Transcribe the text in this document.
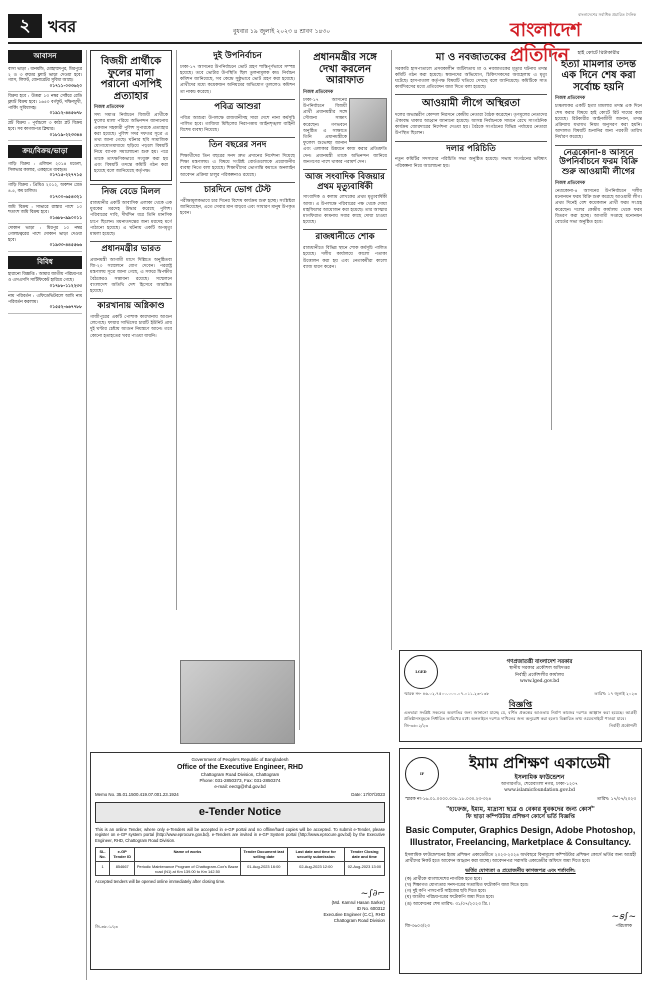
২	খবর	বুধবার ১৯ জুলাই ২০২৩ ৪ শ্রাবণ ১৪৩০
বাংলাদেশের সর্বাধিক প্রচারিত দৈনিক
বাংলাদেশ প্রতিদিন
আবাসন
বাসা ভাড়া : ধানমন্ডি, মোহাম্মদপুর, মিরপুরে ২ ও ৩ রুমের ফ্ল্যাট ভাড়া দেওয়া হবে। গ্যাস, লিফট, জেনারেটর সুবিধা আছে।
০১৭১১-০৩৩৬২০
বিক্রয় হবে : উত্তরা ১৩ নম্বর সেক্টরে রেডি ফ্ল্যাট বিক্রয় হবে। ১৬৫০ বর্গফুট, দক্ষিণমুখী, পার্কিং সুবিধাসহ।
০১৯১২-৪৪৫৬৭৮
প্লট বিক্রয় : পূর্বাচলে ৩ কাঠা প্লট বিক্রয় হবে। সব কাগজপত্র ক্লিয়ার।
০১৮১৯-২২৩৩৪৪
ক্রয়/বিক্রয়/ভাড়া
গাড়ি বিক্রয় : এলিয়ন ২০১৪ মডেল, সিলভার কালার, একহাতে ব্যবহৃত।
০১৭১৫-২২৭৭১৫
গাড়ি বিক্রয় : প্রিমিও ২০১২, অকশন গ্রেড ৪.৫, কম চালিত।
০১৭০০-৬৫৪৩২১
জমি বিক্রয় : সাভারে রাস্তার পাশে ১০ শতাংশ জমি বিক্রয় হবে।
০১৬৮৮-৯৯০০১১
দোকান ভাড়া : মিরপুর ১০ নম্বর গোলচত্বরের পাশে দোকান ভাড়া দেওয়া হবে।
০১৯৩৩-৪৪৫৫৬৬
বিবিধ
হারানো বিজ্ঞপ্তি : আমার জাতীয় পরিচয়পত্র ও এসএসসি সার্টিফিকেট হারিয়ে গেছে।
০১৭৮৮-১১২২৩৩
নাম পরিবর্তন : এফিডেভিটবলে আমি নাম পরিবর্তন করলাম।
০১৫৫২-৬৬৭৭৮৮
বিজয়ী প্রার্থীকে ফুলের মালা পরানো এসপিই প্রত্যাহার

নিজস্ব প্রতিবেদক

সদ্য সমাপ্ত নির্বাচনে বিজয়ী প্রার্থীকে ফুলের মালা পরিয়ে অভিনন্দন জানানোয় একজন সহকারী পুলিশ সুপারকে প্রত্যাহার করা হয়েছে। পুলিশ সদর দফতর সূত্রে এ তথ্য জানা গেছে। ঘটনার ছবি সামাজিক যোগাযোগমাধ্যমে ছড়িয়ে পড়লে বিষয়টি নিয়ে ব্যাপক সমালোচনা শুরু হয়। পরে তাকে তাৎক্ষণিকভাবে সংযুক্ত করা হয় এবং বিষয়টি তদন্তে কমিটি গঠন করা হয়েছে বলে জানিয়েছে কর্তৃপক্ষ।

নিজ বেডে মিলল

রাজধানীর একটি আবাসিক এলাকা থেকে এক যুবকের মরদেহ উদ্ধার করেছে পুলিশ। পরিবারের দাবি, দীর্ঘদিন ধরে তিনি মানসিক চাপে ছিলেন। ময়নাতদন্তের জন্য মরদেহ মর্গে পাঠানো হয়েছে। এ ঘটনায় একটি অপমৃত্যু মামলা হয়েছে।

প্রধানমন্ত্রীর ভারত

প্রধানমন্ত্রী আগামী মাসে দিল্লিতে অনুষ্ঠিতব্য জি-২০ সম্মেলনে যোগ দেবেন। পররাষ্ট্র মন্ত্রণালয় সূত্রে জানা গেছে, এ সফরে দ্বিপক্ষীয় বৈঠকেরও সম্ভাবনা রয়েছে। সম্মেলনে বাংলাদেশ অতিথি দেশ হিসেবে আমন্ত্রিত হয়েছে।

কারখানায় অগ্নিকাণ্ড

গাজীপুরের একটি পোশাক কারখানায় আগুন লেগেছে। ফায়ার সার্ভিসের চারটি ইউনিট প্রায় দুই ঘণ্টার চেষ্টায় আগুন নিয়ন্ত্রণে আনে। তবে কোনো হতাহতের খবর পাওয়া যায়নি।

দুই উপনির্বাচন

ঢাকা-১৭ আসনের উপনির্বাচনে ভোট গ্রহণ শান্তিপূর্ণভাবে সম্পন্ন হয়েছে। তবে ভোটার উপস্থিতি ছিল তুলনামূলক কম। নির্বাচন কমিশন জানিয়েছে, সব কেন্দ্রে সুষ্ঠুভাবে ভোট গ্রহণ করা হয়েছে। প্রার্থীদের মধ্যে কয়েকজন অনিয়মের অভিযোগ তুললেও কমিশন তা নাকচ করেছে।

পবিত্র আশুরা

পবিত্র আশুরা উপলক্ষে রাজধানীসহ সারা দেশে নানা কর্মসূচি পালিত হবে। তাজিয়া মিছিলের নিরাপত্তায় আইনশৃঙ্খলা বাহিনী বিশেষ ব্যবস্থা নিয়েছে।

তিন বছরের সনদ

শিক্ষার্থীদের তিন বছরের সনদ দ্রুত প্রদানের নির্দেশনা দিয়েছে শিক্ষা মন্ত্রণালয়। এ বিষয়ে সংশ্লিষ্ট বোর্ডগুলোকে প্রয়োজনীয় ব্যবস্থা নিতে বলা হয়েছে। শিক্ষার্থীদের ভোগান্তি কমাতে অনলাইন আবেদন প্রক্রিয়া চালুর পরিকল্পনাও রয়েছে।

চারদিনে ভোগ টেস্ট

পরীক্ষামূলকভাবে চার দিনের বিশেষ কার্যক্রম শুরু হচ্ছে। সংশ্লিষ্টরা জানিয়েছেন, এতে সেবার মান বাড়বে এবং সাধারণ মানুষ উপকৃত হবেন।

প্রধানমন্ত্রীর সঙ্গে দেখা করলেন আরাফাত

নিজস্ব প্রতিবেদক

ঢাকা-১৭ আসনের উপনির্বাচনে বিজয়ী প্রার্থী প্রধানমন্ত্রীর সঙ্গে সৌজন্য সাক্ষাৎ করেছেন। গণভবনে অনুষ্ঠিত এ সাক্ষাতে তিনি প্রধানমন্ত্রীকে ফুলেল শুভেচ্ছা জানান এবং এলাকার উন্নয়নে কাজ করার প্রতিশ্রুতি দেন। প্রধানমন্ত্রী তাকে অভিনন্দন জানিয়ে জনগণের পাশে থাকার পরামর্শ দেন।

আজ সংবাদিক বিজয়ার প্রথম মৃত্যুবার্ষিকী

সাংবাদিক ও কলাম লেখকের প্রথম মৃত্যুবার্ষিকী আজ। এ উপলক্ষে পরিবারের পক্ষ থেকে দোয়া মাহফিলের আয়োজন করা হয়েছে। তার আত্মার মাগফিরাত কামনায় সবার কাছে দোয়া চাওয়া হয়েছে।

রাজধানীতে শোক

রাজধানীতে বিভিন্ন স্থানে শোক কর্মসূচি পালিত হয়েছে। দলীয় কার্যালয়ে কালো পতাকা উত্তোলন করা হয় এবং নেতাকর্মীরা কালো ব্যাজ ধারণ করেন।

মা ও নবজাতকের

সরকারি হাসপাতালে প্রসবকালীন জটিলতায় মা ও নবজাতকের মৃত্যুর ঘটনায় তদন্ত কমিটি গঠন করা হয়েছে। স্বজনদের অভিযোগ, চিকিৎসকদের অবহেলায় এ মৃত্যু ঘটেছে। হাসপাতাল কর্তৃপক্ষ বিষয়টি খতিয়ে দেখছে বলে জানিয়েছে। কমিটিকে সাত কার্যদিবসের মধ্যে প্রতিবেদন জমা দিতে বলা হয়েছে।

আওয়ামী লীগে অস্থিরতা

দলের অভ্যন্তরীণ কোন্দল নিরসনে কেন্দ্রীয় নেতারা বৈঠক করেছেন। তৃণমূলের নেতাদের ঐক্যবদ্ধ থাকার আহ্বান জানানো হয়েছে। আসন্ন নির্বাচনকে সামনে রেখে সাংগঠনিক কার্যক্রম জোরদারের নির্দেশনা দেওয়া হয়। বৈঠকে সংগঠনের বিভিন্ন পর্যায়ের নেতারা উপস্থিত ছিলেন।

দলার পরিচিতি

নতুন কমিটির সদস্যদের পরিচিতি সভা অনুষ্ঠিত হয়েছে। সভায় সংগঠনের ভবিষ্যৎ পরিকল্পনা নিয়ে আলোচনা হয়।

হাই কোর্টে রিটাকারীর
হত্যা মামলার তদন্ত এক দিনে শেষ করা সর্বোচ্চ হয়নি

নিজস্ব প্রতিবেদক

চাঞ্চল্যকর একটি হত্যা মামলার তদন্ত এক দিনে শেষ করার বিষয়ে হাই কোর্টে রিট দায়ের করা হয়েছে। রিটকারীর আইনজীবী জানান, তদন্ত প্রক্রিয়ায় যথাযথ নিয়ম অনুসরণ করা হয়নি। আদালত বিষয়টি শুনানির জন্য পরবর্তী তারিখ নির্ধারণ করেছে।

নেত্রকোনা-৪ আসনে উপনির্বাচনে ফরম বিক্রি শুরু আওয়ামী লীগের

নিজস্ব প্রতিবেদক

নেত্রকোনা-৪ আসনের উপনির্বাচনে দলীয় মনোনয়ন ফরম বিক্রি শুরু করেছে আওয়ামী লীগ। প্রথম দিনেই বেশ কয়েকজন প্রার্থী ফরম সংগ্রহ করেছেন। দলের কেন্দ্রীয় কার্যালয় থেকে ফরম বিতরণ করা হচ্ছে। আগামী সপ্তাহে মনোনয়ন বোর্ডের সভা অনুষ্ঠিত হবে।

Government of People's Republic of Bangladesh
Office of the Executive Engineer, RHD
Chattogram Road Division, Chattogram
Phone: 031-2850373, Fax: 031-2850374
e-mail: eectg@rhd.gov.bd
Memo No. 35.01.1500.419.07.001.23.1924	Date: 17/07/2023
e-Tender Notice
This is an online Tender, where only e-Tenders will be accepted in e-GP portal and no offline/hard copies will be accepted. To submit e-Tender, please register on e-GP system portal (http://www.eprocure.gov.bd). e-Tenders are invited in e-GP System portal (http://www.eprocure.gov.bd) by the Executive Engineer, RHD, Chattogram Road Division.
SL. No.	e-GP Tender ID	Name of works	Tender Document last selling date	Last date and time for security submission	Tender Closing date and time
1	854667	Periodic Maintenance Program of Chattogram-Cox's Bazar road (N1) at Km 139.00 to Km 142.50	01-Aug-2023 16:00	02-Aug-2023 12:00	02-Aug-2023 13:00
Accepted tenders will be opened online immediately after closing time.
~∫∂⌐
(Md. Kamrul Hasan Sarker)
ID No. 600312
Executive Engineer (C.C), RHD
Chattogram Road Division
জি-৩৬০১/২৩
LGED
গণপ্রজাতন্ত্রী বাংলাদেশ সরকার
স্থানীয় সরকার প্রকৌশল অধিদপ্তর
নির্বাহী প্রকৌশলীর কার্যালয়
www.lged.gov.bd
স্মারক নং- ৪৬.০২.৭৫০০.০০০.০৭.০১১.২৩-১৩৮	তারিখ: ১৭ জুলাই ২০২৩
বিজ্ঞপ্তি
এতদ্বারা সংশ্লিষ্ট সকলের অবগতির জন্য জানানো যাচ্ছে যে, বর্ণিত প্রকল্পের আওতায় নির্মাণ কাজের দরপত্র আহ্বান করা হয়েছে। আগ্রহী প্রতিষ্ঠানসমূহকে নির্ধারিত তারিখের মধ্যে অনলাইনে দরপত্র দাখিলের জন্য অনুরোধ করা হলো। বিস্তারিত তথ্য ওয়েবসাইটে পাওয়া যাবে।
জি-৩৬০২/২৩	নির্বাহী প্রকৌশলী
IF
ইমাম প্রশিক্ষণ একাডেমী
ইসলামিক ফাউন্ডেশন
আগারগাঁও, শেরেবাংলা নগর, ঢাকা-১২০৭
www.islamicfoundation.gov.bd
স্মারক নং-১৬.০১.০০০০.০০৮.১৮.০৩০.২৩-৩২৪	তারিখ: ১৭/০৭/২০২৩
"হাফেজ, ইমাম, মাদ্রাসা ছাত্র ও বেকার যুবকদের জন্য কোর্স"
ফি ছাড়া কম্পিউটার প্রশিক্ষণ কোর্সে ভর্তি বিজ্ঞপ্তি
Basic Computer, Graphics Design, Adobe Photoshop, Illustrator, Freelancing, Marketplace & Consultancy.
ইসলামিক ফাউন্ডেশনের ইমাম প্রশিক্ষণ একাডেমীতে ২০২৩-২০২৪ অর্থবছরে বিনামূল্যে কম্পিউটার প্রশিক্ষণ কোর্সে ভর্তির জন্য আগ্রহী প্রার্থীদের নিকট হতে আবেদন আহ্বান করা যাচ্ছে। আবেদনপত্র সরাসরি একাডেমীর অফিসে জমা দিতে হবে।
ভর্তির যোগ্যতা ও প্রয়োজনীয় কাগজপত্র এবং শর্তাবলি:
(ক) প্রার্থীকে বাংলাদেশের নাগরিক হতে হবে।
(খ) শিক্ষাগত যোগ্যতার সনদপত্রের সত্যায়িত ফটোকপি জমা দিতে হবে।
(গ) দুই কপি পাসপোর্ট সাইজের ছবি দিতে হবে।
(ঘ) জাতীয় পরিচয়পত্রের ফটোকপি জমা দিতে হবে।
(ঙ) আবেদনের শেষ তারিখ: ৩১/০৭/২০২৩ খ্রি.।
জি-৩৬০৩/২৩
~ꞩ∫~
পরিচালক
